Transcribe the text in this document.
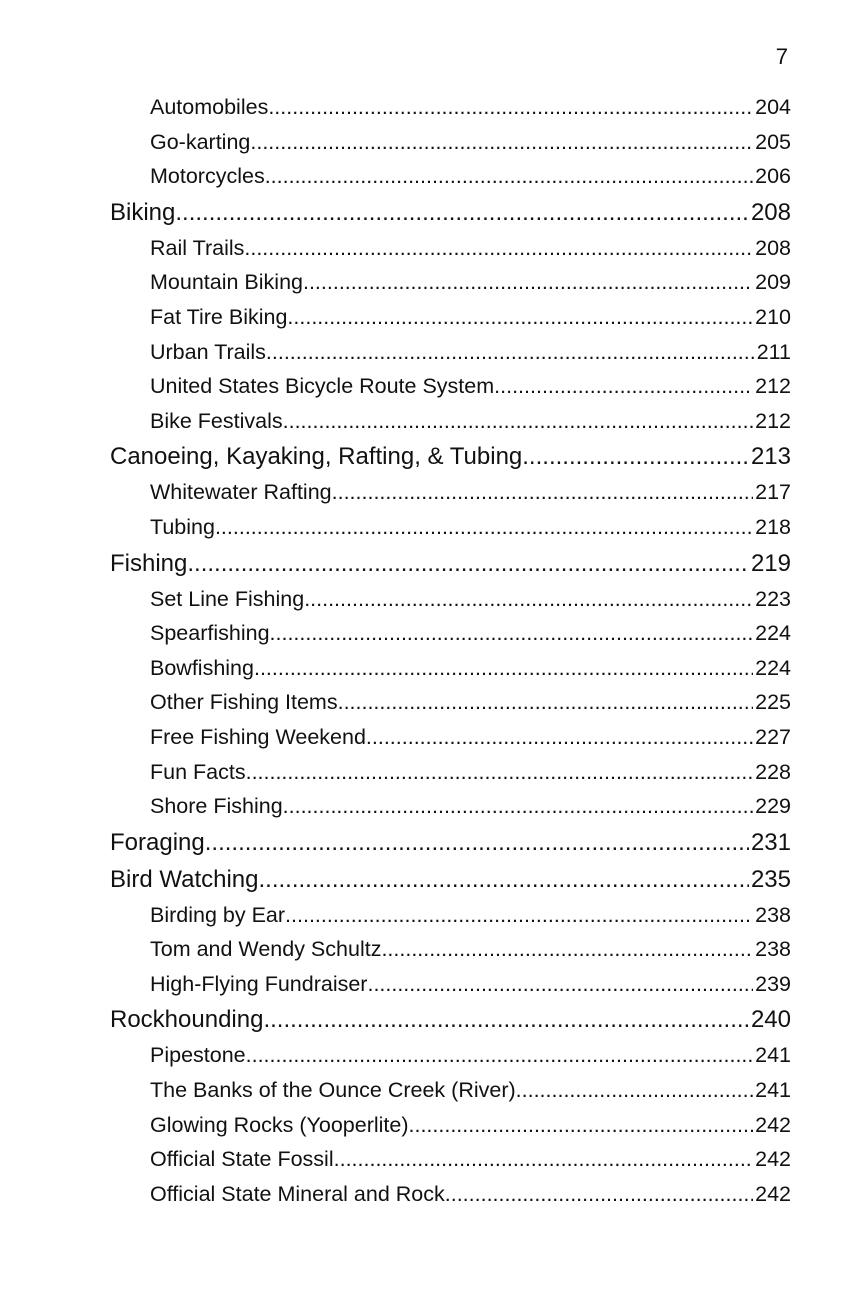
7
Automobiles .....	204
Go-karting .....	205
Motorcycles .....	206
Biking .....	208
Rail Trails .....	208
Mountain Biking .....	209
Fat Tire Biking .....	210
Urban Trails .....	211
United States Bicycle Route System .....	212
Bike Festivals .....	212
Canoeing, Kayaking, Rafting, & Tubing .....	213
Whitewater Rafting .....	217
Tubing .....	218
Fishing .....	219
Set Line Fishing .....	223
Spearfishing .....	224
Bowfishing .....	224
Other Fishing Items .....	225
Free Fishing Weekend .....	227
Fun Facts .....	228
Shore Fishing .....	229
Foraging .....	231
Bird Watching .....	235
Birding by Ear .....	238
Tom and Wendy Schultz .....	238
High-Flying Fundraiser .....	239
Rockhounding .....	240
Pipestone .....	241
The Banks of the Ounce Creek (River) .....	241
Glowing Rocks (Yooperlite) .....	242
Official State Fossil .....	242
Official State Mineral and Rock .....	242
